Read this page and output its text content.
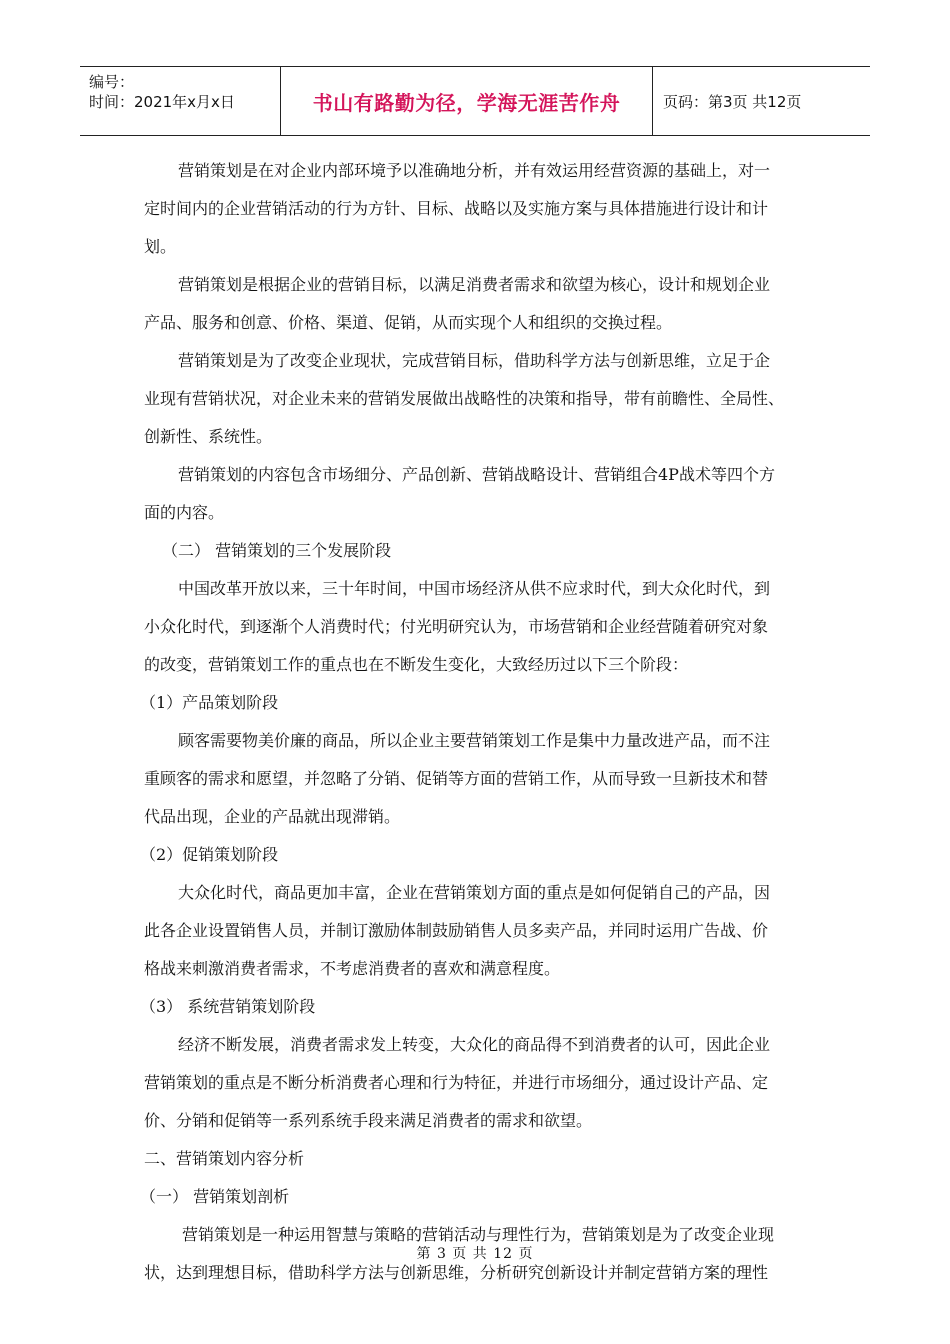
编号：
时间：2021年x月x日	书山有路勤为径，学海无涯苦作舟	页码：第3页 共12页
营销策划是在对企业内部环境予以准确地分析，并有效运用经营资源的基础上，对一
定时间内的企业营销活动的行为方针、目标、战略以及实施方案与具体措施进行设计和计
划。
营销策划是根据企业的营销目标，以满足消费者需求和欲望为核心，设计和规划企业
产品、服务和创意、价格、渠道、促销，从而实现个人和组织的交换过程。
营销策划是为了改变企业现状，完成营销目标，借助科学方法与创新思维，立足于企
业现有营销状况，对企业未来的营销发展做出战略性的决策和指导，带有前瞻性、全局性、
创新性、系统性。
营销策划的内容包含市场细分、产品创新、营销战略设计、营销组合4P战术等四个方
面的内容。
（二） 营销策划的三个发展阶段
中国改革开放以来，三十年时间，中国市场经济从供不应求时代，到大众化时代，到
小众化时代，到逐渐个人消费时代；付光明研究认为，市场营销和企业经营随着研究对象
的改变，营销策划工作的重点也在不断发生变化，大致经历过以下三个阶段：
（1）产品策划阶段
顾客需要物美价廉的商品，所以企业主要营销策划工作是集中力量改进产品，而不注
重顾客的需求和愿望，并忽略了分销、促销等方面的营销工作，从而导致一旦新技术和替
代品出现，企业的产品就出现滞销。
（2）促销策划阶段
大众化时代，商品更加丰富，企业在营销策划方面的重点是如何促销自己的产品，因
此各企业设置销售人员，并制订激励体制鼓励销售人员多卖产品，并同时运用广告战、价
格战来刺激消费者需求，不考虑消费者的喜欢和满意程度。
（3） 系统营销策划阶段
经济不断发展，消费者需求发上转变，大众化的商品得不到消费者的认可，因此企业
营销策划的重点是不断分析消费者心理和行为特征，并进行市场细分，通过设计产品、定
价、分销和促销等一系列系统手段来满足消费者的需求和欲望。
二、营销策划内容分析
（一） 营销策划剖析
营销策划是一种运用智慧与策略的营销活动与理性行为，营销策划是为了改变企业现
状，达到理想目标，借助科学方法与创新思维，分析研究创新设计并制定营销方案的理性
第 3 页 共 12 页
